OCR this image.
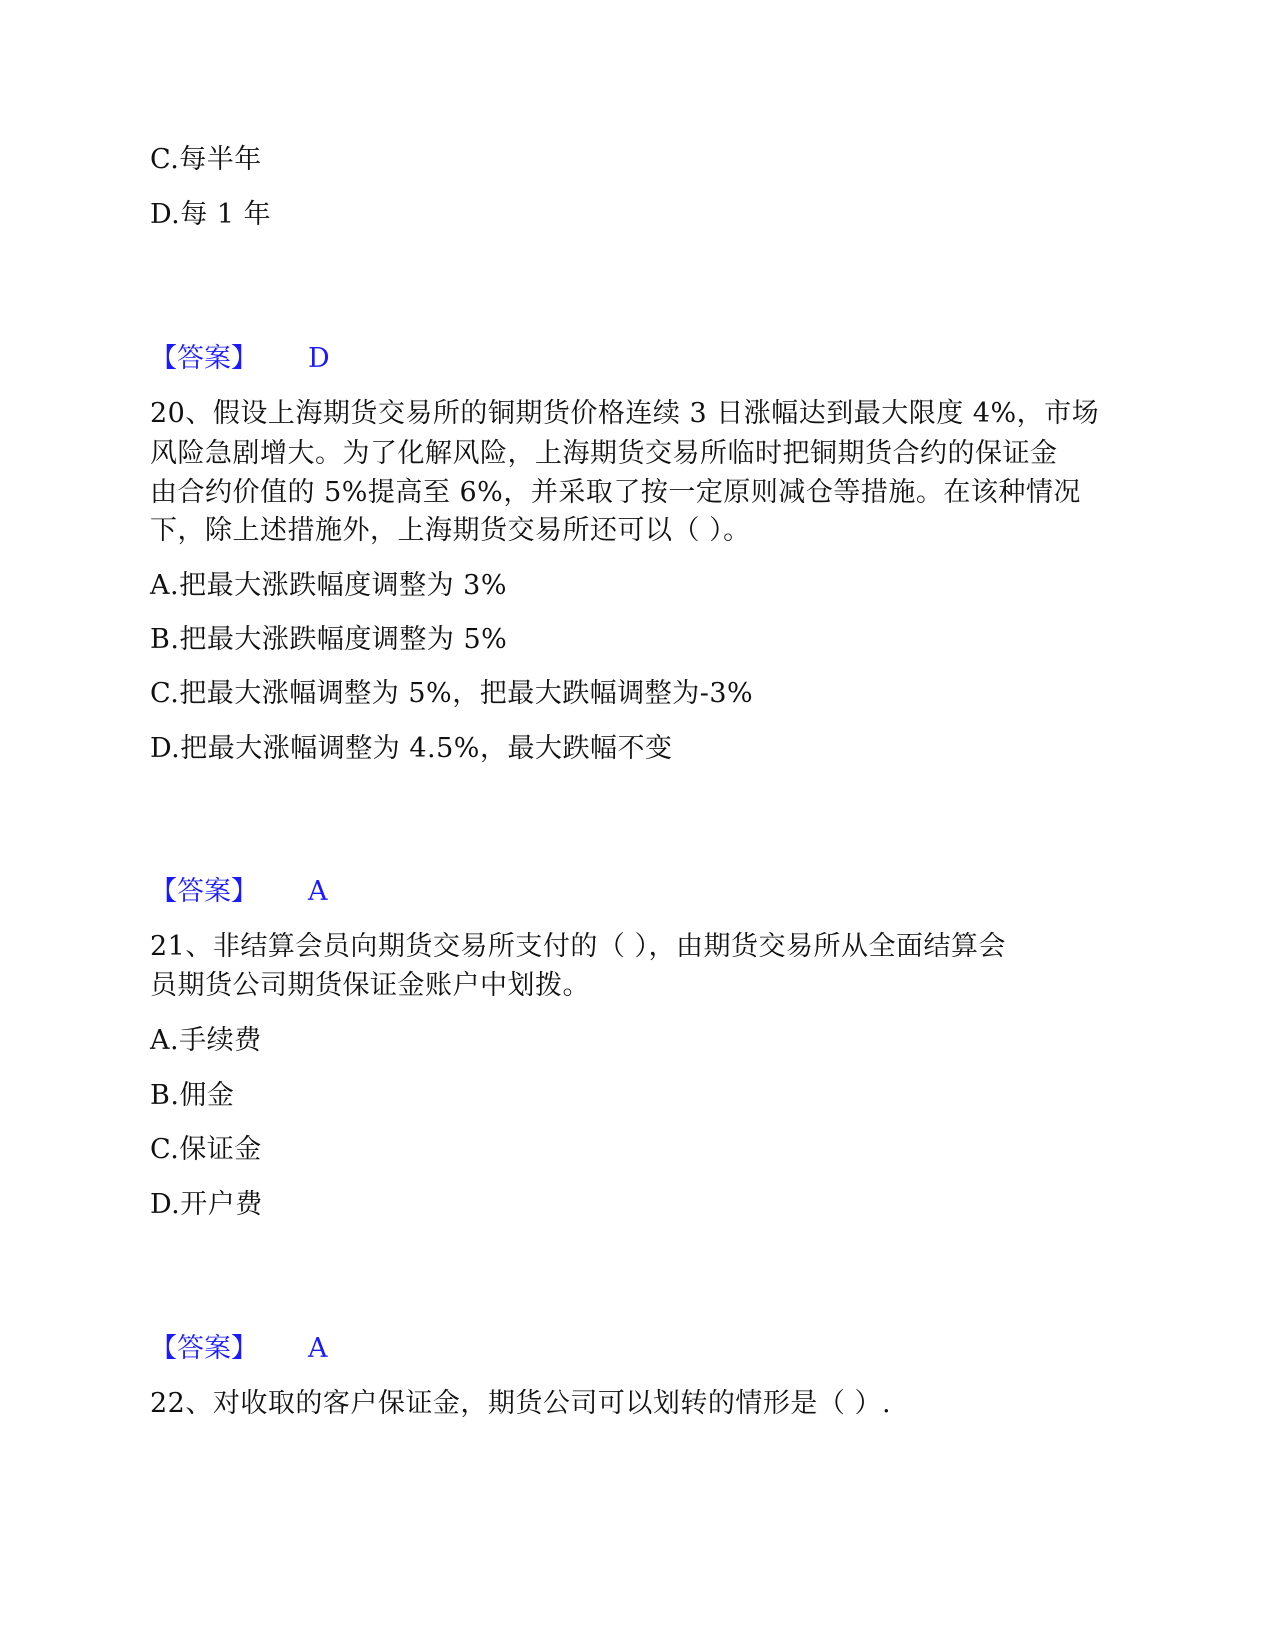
C.每半年
D.每 1 年
【答案】 D
20、假设上海期货交易所的铜期货价格连续 3 日涨幅达到最大限度 4%，市场
风险急剧增大。为了化解风险，上海期货交易所临时把铜期货合约的保证金
由合约价值的 5%提高至 6%，并采取了按一定原则减仓等措施。在该种情况
下，除上述措施外，上海期货交易所还可以（ ）。
A.把最大涨跌幅度调整为 3%
B.把最大涨跌幅度调整为 5%
C.把最大涨幅调整为 5%，把最大跌幅调整为-3%
D.把最大涨幅调整为 4.5%，最大跌幅不变
【答案】 A
21、非结算会员向期货交易所支付的（ ），由期货交易所从全面结算会
员期货公司期货保证金账户中划拨。
A.手续费
B.佣金
C.保证金
D.开户费
【答案】 A
22、对收取的客户保证金，期货公司可以划转的情形是（ ）.
